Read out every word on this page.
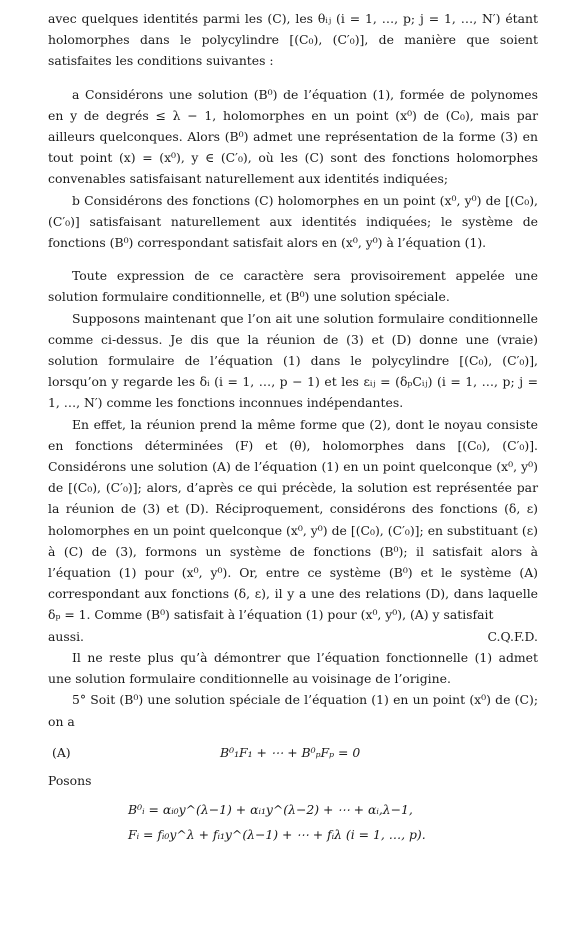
avec quelques identités parmi les (C), les θᵢⱼ (i = 1, …, p; j = 1, …, N′) étant holomorphes dans le polycylindre [(C₀), (C′₀)], de manière que soient satisfaites les conditions suivantes :

a Considérons une solution (B⁰) de l’équation (1), formée de polynomes en y de degrés ≤ λ − 1, holomorphes en un point (x⁰) de (C₀), mais par ailleurs quelconques. Alors (B⁰) admet une représentation de la forme (3) en tout point (x) = (x⁰), y ∈ (C′₀), où les (C) sont des fonctions holomorphes convenables satisfaisant naturellement aux identités indiquées;

b Considérons des fonctions (C) holomorphes en un point (x⁰, y⁰) de [(C₀), (C′₀)] satisfaisant naturellement aux identités indiquées; le système de fonctions (B⁰) correspondant satisfait alors en (x⁰, y⁰) à l’équation (1).

Toute expression de ce caractère sera provisoirement appelée une solution formulaire conditionnelle, et (B⁰) une solution spéciale.

Supposons maintenant que l’on ait une solution formulaire conditionnelle comme ci-dessus. Je dis que la réunion de (3) et (D) donne une (vraie) solution formulaire de l’équation (1) dans le polycylindre [(C₀), (C′₀)], lorsqu’on y regarde les δᵢ (i = 1, …, p − 1) et les εᵢⱼ = (δₚCᵢⱼ) (i = 1, …, p; j = 1, …, N′) comme les fonctions inconnues indépendantes.

En effet, la réunion prend la même forme que (2), dont le noyau consiste en fonctions déterminées (F) et (θ), holomorphes dans [(C₀), (C′₀)]. Considérons une solution (A) de l’équation (1) en un point quelconque (x⁰, y⁰) de [(C₀), (C′₀)]; alors, d’après ce qui précède, la solution est représentée par la réunion de (3) et (D). Réciproquement, considérons des fonctions (δ, ε) holomorphes en un point quelconque (x⁰, y⁰) de [(C₀), (C′₀)]; en substituant (ε) à (C) de (3), formons un système de fonctions (B⁰); il satisfait alors à l’équation (1) pour (x⁰, y⁰). Or, entre ce système (B⁰) et le système (A) correspondant aux fonctions (δ, ε), il y a une des relations (D), dans laquelle δₚ = 1. Comme (B⁰) satisfait à l’équation (1) pour (x⁰, y⁰), (A) y satisfait

aussi.	C.Q.F.D.

Il ne reste plus qu’à démontrer que l’équation fonctionnelle (1) admet une solution formulaire conditionnelle au voisinage de l’origine.

5° Soit (B⁰) une solution spéciale de l’équation (1) en un point (x⁰) de (C); on a

(A)	B⁰₁F₁ + ⋯ + B⁰ₚFₚ = 0

Posons

B⁰ᵢ = αᵢ₀y^(λ−1) + αᵢ₁y^(λ−2) + ⋯ + αᵢ,λ−1,
Fᵢ = fᵢ₀y^λ + fᵢ₁y^(λ−1) + ⋯ + fᵢλ (i = 1, …, p).
